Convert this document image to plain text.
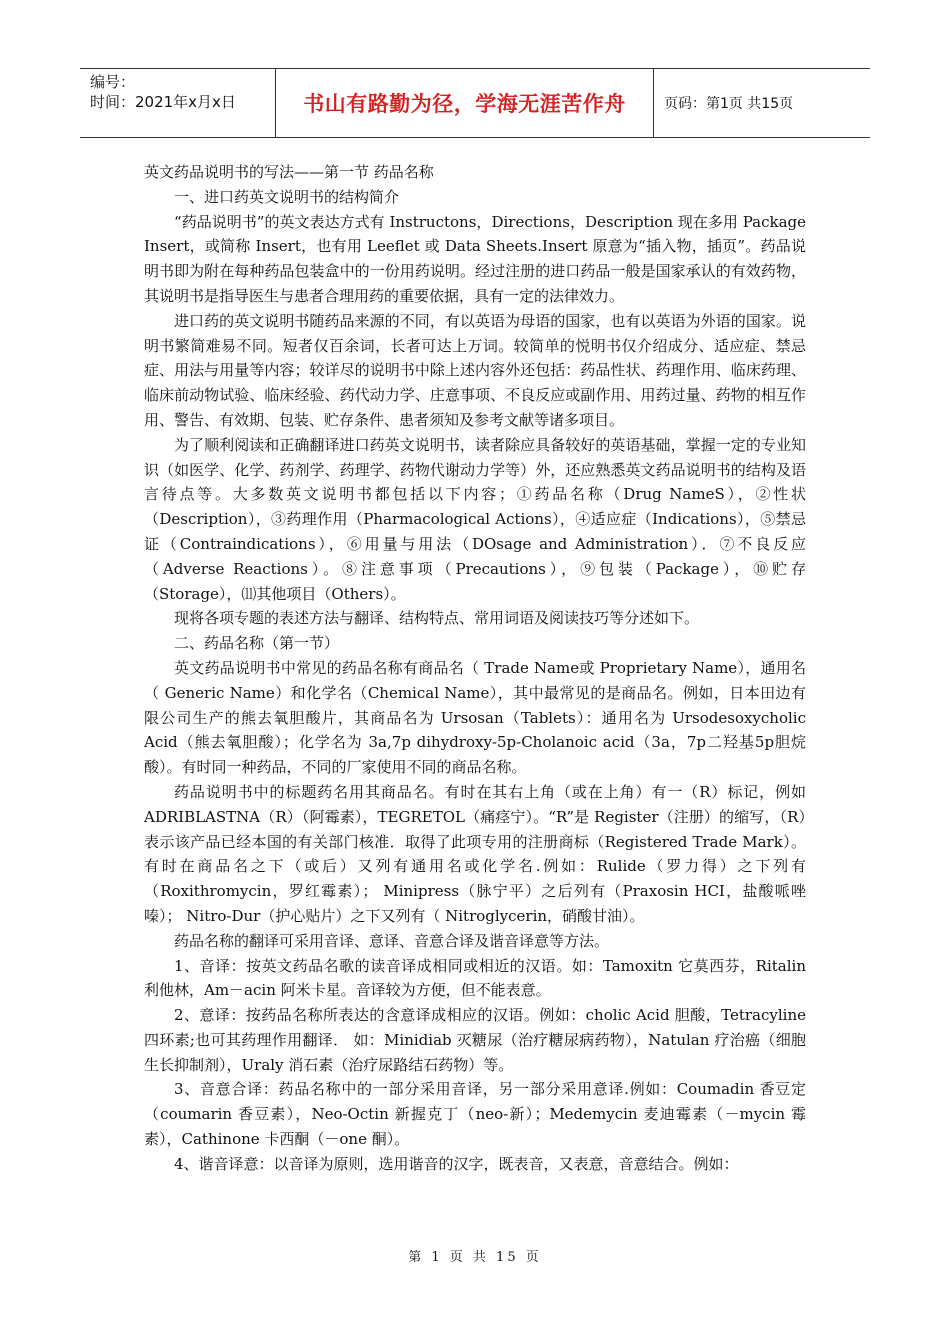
编号：
时间：2021年x月x日	书山有路勤为径，学海无涯苦作舟	页码：第1页 共15页

英文药品说明书的写法——第一节 药品名称

一、进口药英文说明书的结构简介

“药品说明书”的英文表达方式有 Instructons，Directions，Description 现在多用 Package Insert，或简称 Insert，也有用 Leeflet 或 Data Sheets.Insert 原意为“插入物，插页”。药品说明书即为附在每种药品包装盒中的一份用药说明。经过注册的进口药品一般是国家承认的有效药物，其说明书是指导医生与患者合理用药的重要依据，具有一定的法律效力。

进口药的英文说明书随药品来源的不同，有以英语为母语的国家，也有以英语为外语的国家。说明书繁简难易不同。短者仅百余词，长者可达上万词。较简单的悦明书仅介绍成分、适应症、禁忌症、用法与用量等内容；较详尽的说明书中除上述内容外还包括：药品性状、药理作用、临床药理、临床前动物试验、临床经验、药代动力学、庄意事项、不良反应或副作用、用药过量、药物的相互作用、警告、有效期、包装、贮存条件、患者须知及参考文献等诸多项目。

为了顺利阅读和正确翻译进口药英文说明书，读者除应具备较好的英语基础，掌握一定的专业知识（如医学、化学、药剂学、药理学、药物代谢动力学等）外，还应熟悉英文药品说明书的结构及语言待点等。大多数英文说明书都包括以下内容；①药品名称（Drug NameS），②性状（Description），③药理作用（Pharmacological Actions），④适应症（Indications），⑤禁忌证（Contraindications），⑥用量与用法（DOsage and Administration）．⑦不良反应（Adverse Reactions）。⑧注意事项（Precautions），⑨包装（Package），⑩贮存（Storage），⑾其他项目（Others）。

现将各项专题的表述方法与翻译、结构特点、常用词语及阅读技巧等分述如下。

二、药品名称（第一节）

英文药品说明书中常见的药品名称有商品名（ Trade Name或 Proprietary Name），通用名（ Generic Name）和化学名（Chemical Name），其中最常见的是商品名。例如，日本田边有限公司生产的熊去氧胆酸片，其商品名为 Ursosan（Tablets）：通用名为 Ursodesoxycholic Acid（熊去氧胆酸）；化学名为 3a,7p dihydroxy-5p-Cholanoic acid（3a，7p二羟基5p胆烷酸）。有时同一种药品，不同的厂家使用不同的商品名称。

药品说明书中的标题药名用其商品名。有时在其右上角（或在上角）有一（R）标记，例如 ADRIBLASTNA（R）（阿霉素），TEGRETOL（痛痉宁）。“R”是 Register（注册）的缩写，（R）表示该产品已经本国的有关部门核准．取得了此项专用的注册商标（Registered Trade Mark）。有时在商品名之下（或后）又列有通用名或化学名.例如：Rulide（罗力得）之下列有（Roxithromycin，罗红霉素）； Minipress（脉宁平）之后列有（Praxosin HCI，盐酸哌唑嗪）； Nitro-Dur（护心贴片）之下又列有（ Nitroglycerin，硝酸甘油）。

药品名称的翻译可采用音译、意译、音意合译及谐音译意等方法。

1、音译：按英文药品名歌的读音译成相同或相近的汉语。如：Tamoxitn 它莫西芬，Ritalin 利他林，Am－acin 阿米卡星。音译较为方便，但不能表意。

2、意译：按药品名称所表达的含意译成相应的汉语。例如：cholic Acid 胆酸，Tetracyline 四环素;也可其药理作用翻译． 如：Minidiab 灭糖尿（治疗糖尿病药物），Natulan 疗治癌（细胞生长抑制剂），Uraly 消石素（治疗尿路结石药物）等。

3、音意合译：药品名称中的一部分采用音译，另一部分采用意译.例如：Coumadin 香豆定（coumarin 香豆素），Neo-Octin 新握克丁（neo-新）；Medemycin 麦迪霉素（－mycin 霉素），Cathinone 卡西酮（－one 酮）。

4、谐音译意：以音译为原则，选用谐音的汉字，既表音，又表意，音意结合。例如：

第 1 页 共 15 页
